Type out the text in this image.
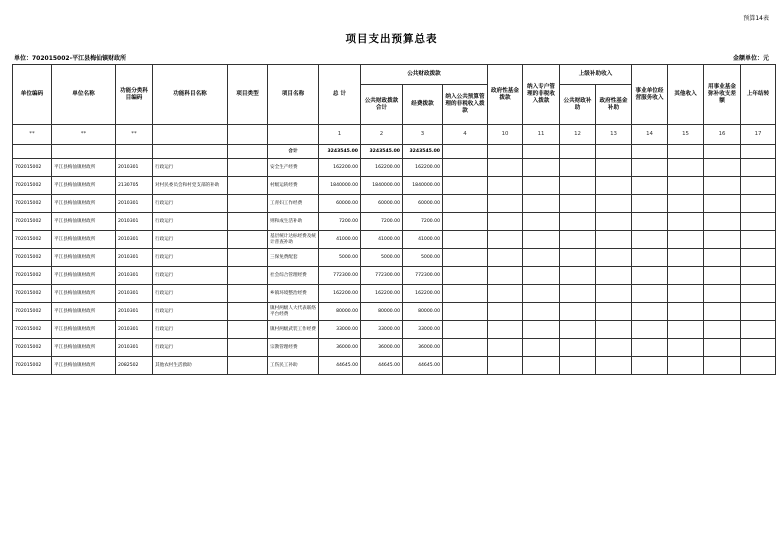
预算14表
项目支出预算总表
单位：702015002-平江县梅仙镇财政所	金额单位：元
单位编码	单位名称	功能分类科目编码	功能科目名称	项目类型	项目名称	总 计	公共财政拨款			政府性基金拨款	纳入专户管理的非税收入拨款	上级补助收入		事业单位经营服务收入	其他收入	用事业基金弥补收支差额	上年结转
							公共财政拨款合计	经费拨款	纳入公共预算管理的非税收入拨款			公共财政补助	政府性基金补助				
**	**	**				1	2	3	4	10	11	12	13	14	15	16	17
					合计	3243545.00	3243545.00	3243545.00									
702015002	平江县梅仙镇财政所	2010301	行政运行		安全生产经费	162200.00	162200.00	162200.00									
702015002	平江县梅仙镇财政所	2130705	对村民委员会和村党支部的补助		村级运转经费	1840000.00	1840000.00	1840000.00									
702015002	平江县梅仙镇财政所	2010301	行政运行		工青妇工作经费	60000.00	60000.00	60000.00									
702015002	平江县梅仙镇财政所	2010301	行政运行		则和成生活补助	7200.00	7200.00	7200.00									
702015002	平江县梅仙镇财政所	2010301	行政运行		基层统计达标经费及统计普查补助	41000.00	41000.00	41000.00									
702015002	平江县梅仙镇财政所	2010301	行政运行		三保免费配套	5000.00	5000.00	5000.00									
702015002	平江县梅仙镇财政所	2010301	行政运行		社会综合管理经费	772300.00	772300.00	772300.00									
702015002	平江县梅仙镇财政所	2010301	行政运行		乡镇环境整治经费	162200.00	162200.00	162200.00									
702015002	平江县梅仙镇财政所	2010301	行政运行		镇村两级人大代表联络平台经费	80000.00	80000.00	80000.00									
702015002	平江县梅仙镇财政所	2010301	行政运行		镇村两级武装工作经费	33000.00	33000.00	33000.00									
702015002	平江县梅仙镇财政所	2010301	行政运行		宗教管理经费	36000.00	36000.00	36000.00									
702015002	平江县梅仙镇财政所	2082502	其他农村生活救助		工伤民工补助	44645.00	44645.00	44645.00									
